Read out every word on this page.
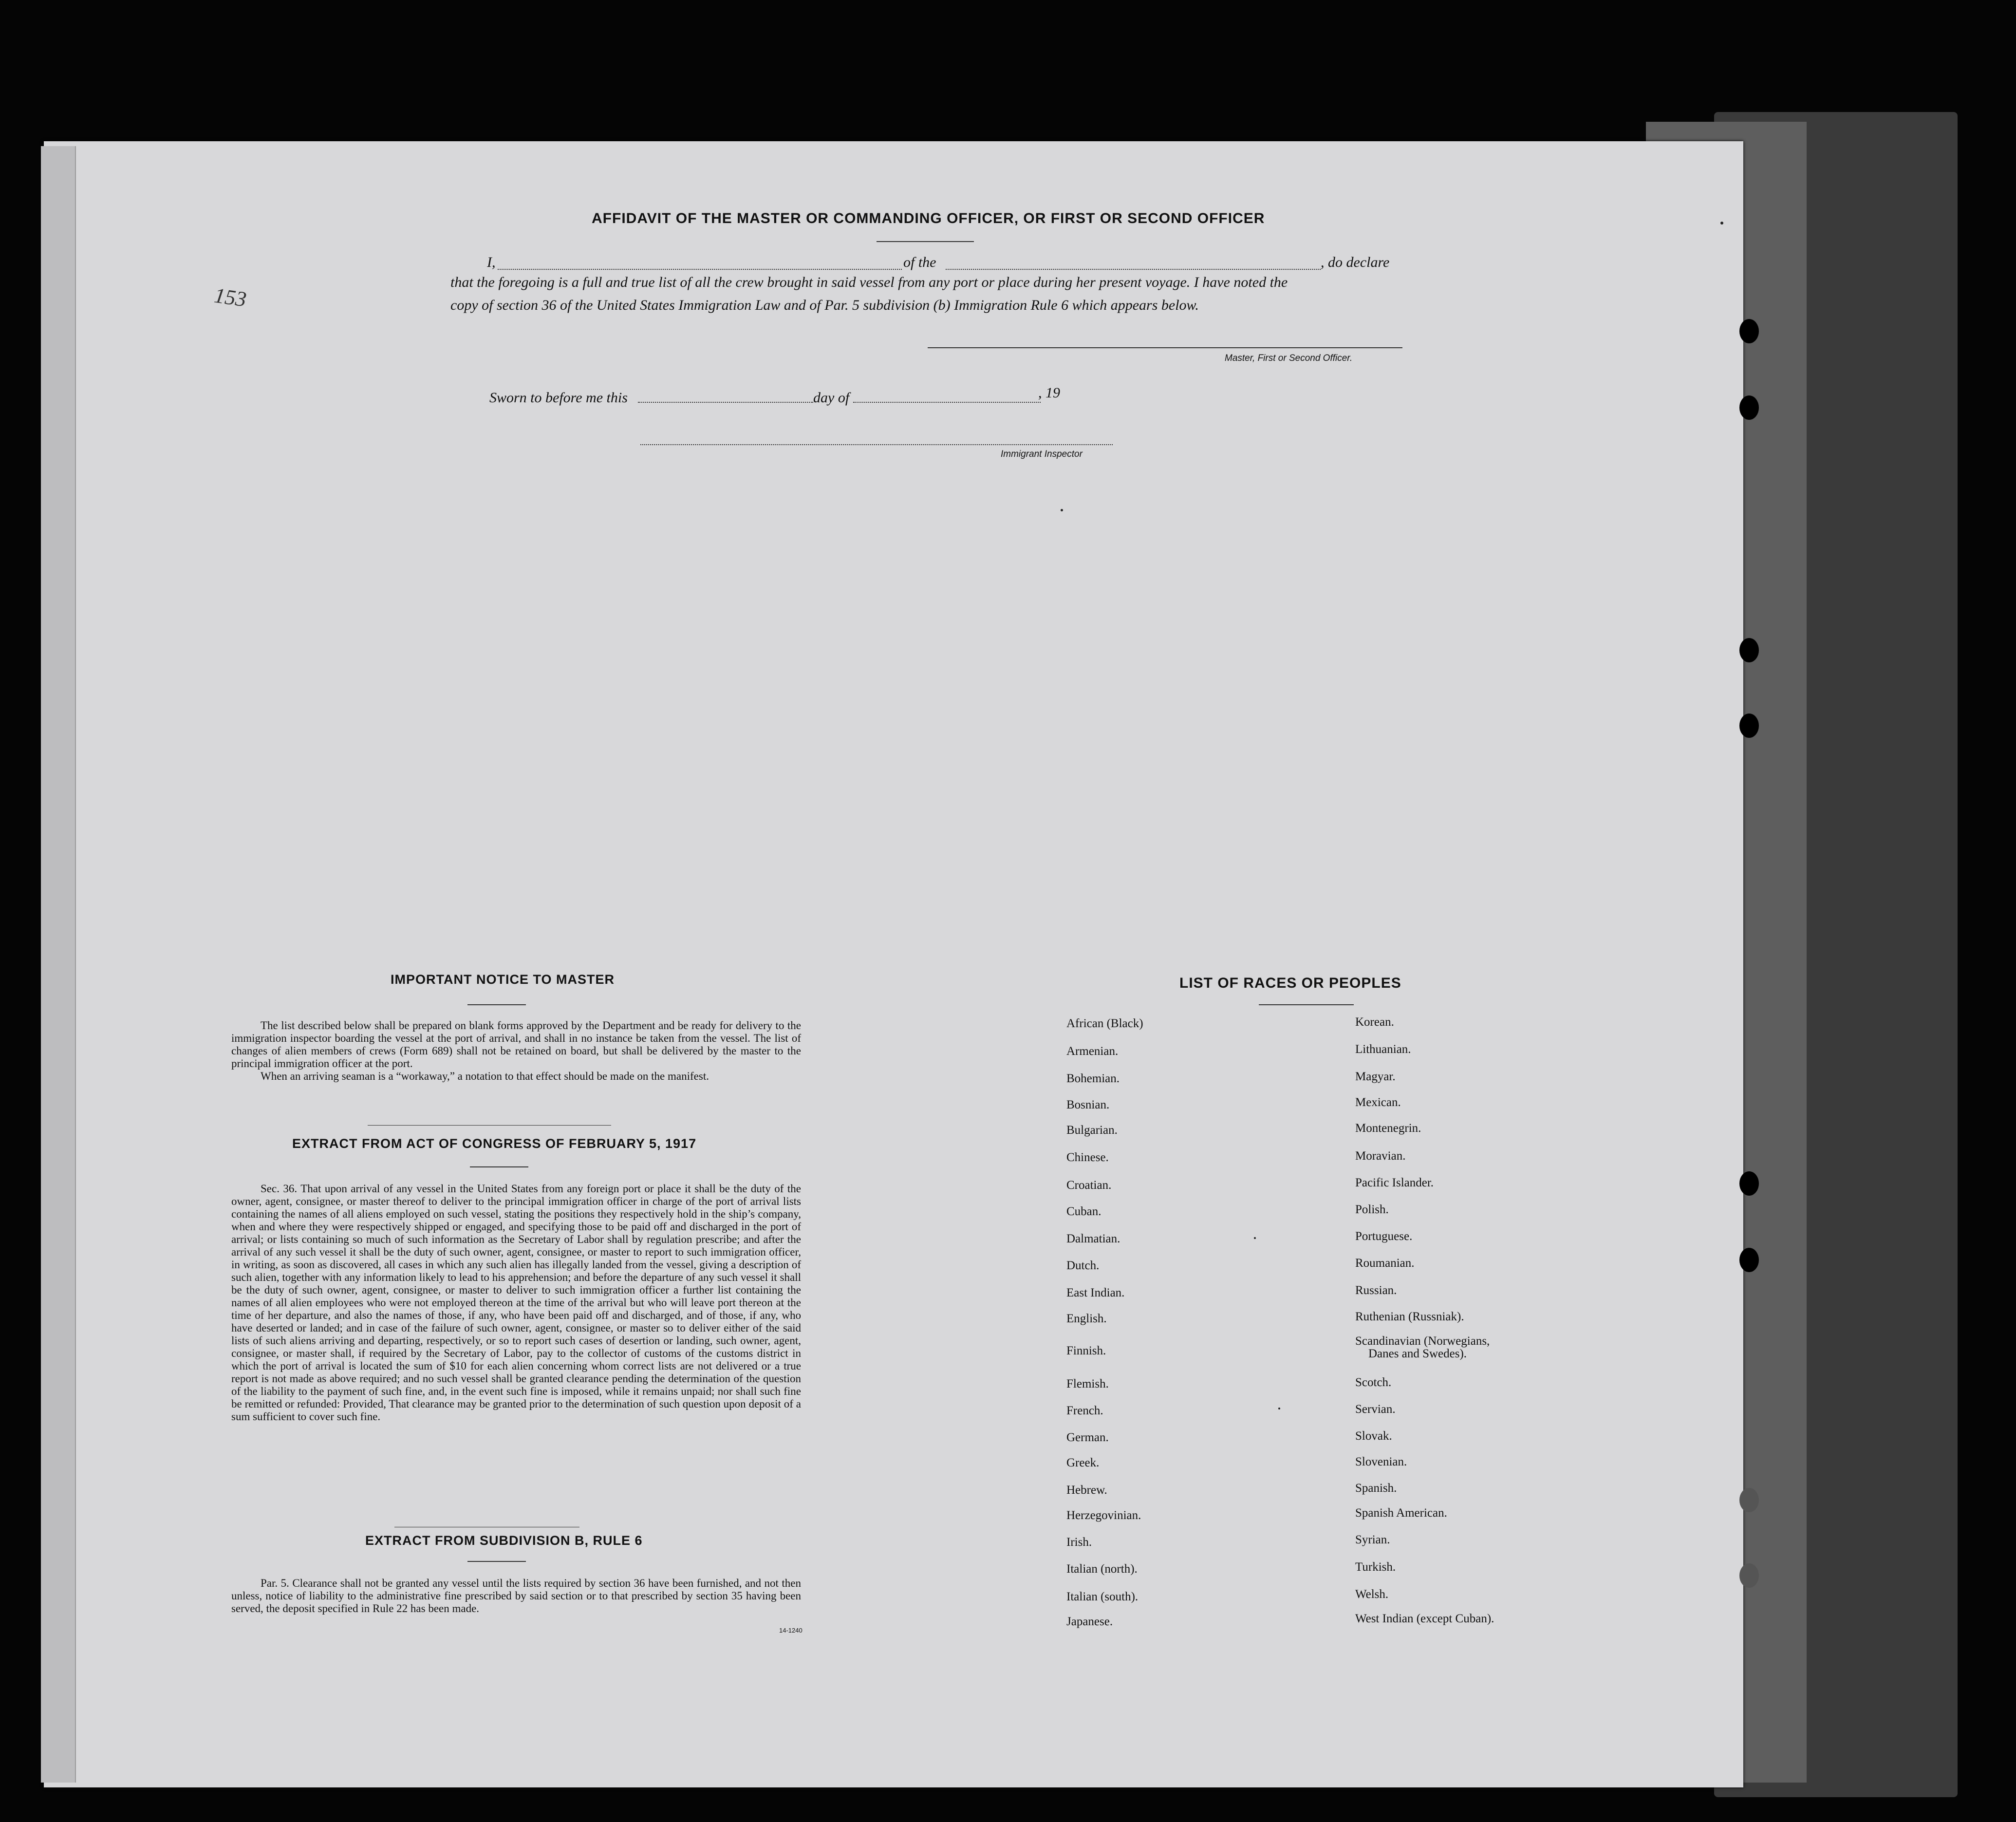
153
AFFIDAVIT OF THE MASTER OR COMMANDING OFFICER, OR FIRST OR SECOND OFFICER
I,	of the	, do declare
that the foregoing is a full and true list of all the crew brought in said vessel from any port or place during her present voyage. I have noted the
copy of section 36 of the United States Immigration Law and of Par. 5 subdivision (b) Immigration Rule 6 which appears below.
Master, First or Second Officer.
Sworn to before me this	day of	, 19
Immigrant Inspector
IMPORTANT NOTICE TO MASTER

The list described below shall be prepared on blank forms approved by the Department and be ready for delivery to the immigration inspector boarding the vessel at the port of arrival, and shall in no instance be taken from the vessel. The list of changes of alien members of crews (Form 689) shall not be retained on board, but shall be delivered by the master to the principal immigration officer at the port.

When an arriving seaman is a “workaway,” a notation to that effect should be made on the manifest.

EXTRACT FROM ACT OF CONGRESS OF FEBRUARY 5, 1917

Sec. 36. That upon arrival of any vessel in the United States from any foreign port or place it shall be the duty of the owner, agent, consignee, or master thereof to deliver to the principal immigration officer in charge of the port of arrival lists containing the names of all aliens employed on such vessel, stating the positions they respectively hold in the ship’s company, when and where they were respectively shipped or engaged, and specifying those to be paid off and discharged in the port of arrival; or lists containing so much of such information as the Secretary of Labor shall by regulation prescribe; and after the arrival of any such vessel it shall be the duty of such owner, agent, consignee, or master to report to such immigration officer, in writing, as soon as discovered, all cases in which any such alien has illegally landed from the vessel, giving a description of such alien, together with any information likely to lead to his apprehension; and before the departure of any such vessel it shall be the duty of such owner, agent, consignee, or master to deliver to such immigration officer a further list containing the names of all alien employees who were not employed thereon at the time of the arrival but who will leave port thereon at the time of her departure, and also the names of those, if any, who have been paid off and discharged, and of those, if any, who have deserted or landed; and in case of the failure of such owner, agent, consignee, or master so to deliver either of the said lists of such aliens arriving and departing, respectively, or so to report such cases of desertion or landing, such owner, agent, consignee, or master shall, if required by the Secretary of Labor, pay to the collector of customs of the customs district in which the port of arrival is located the sum of $10 for each alien concerning whom correct lists are not delivered or a true report is not made as above required; and no such vessel shall be granted clearance pending the determination of the question of the liability to the payment of such fine, and, in the event such fine is imposed, while it remains unpaid; nor shall such fine be remitted or refunded: Provided, That clearance may be granted prior to the determination of such question upon deposit of a sum sufficient to cover such fine.

EXTRACT FROM SUBDIVISION B, RULE 6

Par. 5. Clearance shall not be granted any vessel until the lists required by section 36 have been furnished, and not then unless, notice of liability to the administrative fine prescribed by said section or to that prescribed by section 35 having been served, the deposit specified in Rule 22 has been made.

14-1240
LIST OF RACES OR PEOPLES
African (Black)
Armenian.
Bohemian.
Bosnian.
Bulgarian.
Chinese.
Croatian.
Cuban.
Dalmatian.
Dutch.
East Indian.
English.
Finnish.
Flemish.
French.
German.
Greek.
Hebrew.
Herzegovinian.
Irish.
Italian (north).
Italian (south).
Japanese.
Korean.
Lithuanian.
Magyar.
Mexican.
Montenegrin.
Moravian.
Pacific Islander.
Polish.
Portuguese.
Roumanian.
Russian.
Ruthenian (Russniak).
Scandinavian (Norwegians,
Danes and Swedes).
Scotch.
Servian.
Slovak.
Slovenian.
Spanish.
Spanish American.
Syrian.
Turkish.
Welsh.
West Indian (except Cuban).
